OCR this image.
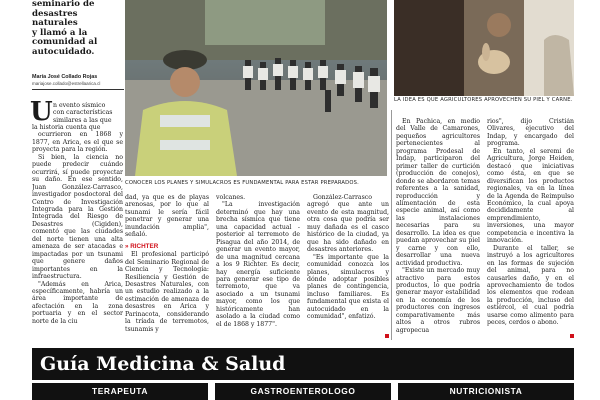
seminario de
desastres naturales
y llamó a la
comunidad al
autocuidado.
María José Collado Rojas
mariajose.collado@estrellaarica.cl
U n evento sísmico
con características
similares a las que

la historia cuenta que

ocurrieron en 1868 y 1877, en Arica, es el que se proyecta para la región.

Si bien, la ciencia no puede predecir cuándo ocurrirá, sí puede proyectar su daño. En ese sentido, Juan González-Carrasco, investigador posdoctoral del Centro de Investigación Integrada para la Gestión Integrada del Riesgo de Desastres (Cigiden), comentó que las ciudades del norte tienen una alta amenaza de ser atacadas e impactadas por un tsunami que genere daños importantes en la infraestructura.

"Además en Arica, específicamente, habría un área importante de afectación en la zona portuaria y en el sector norte de la ciu

CONOCER LOS PLANES Y SIMULACROS ES FUNDAMENTAL PARA ESTAR PREPARADOS.
LA IDEA ES QUE AGRICULTORES APROVECHEN SU PIEL Y CARNE.

dad, ya que es de playas arenosas, por lo que al tsunami le sería fácil penetrar y generar una inundación amplia", señaló.

» RICHTER

El profesional participó del Seminario Regional de Ciencia y Tecnología: Resiliencia y Gestión de Desastres Naturales, con un estudio realizado a la estimación de amenaza de desastres en Arica y Parinacota, considerando la tríada de terremotos, tsunamis y

volcanes.

"La investigación determinó que hay una brecha sísmica que tiene una capacidad actual -posterior al terremoto de Pisagua del año 2014, de generar un evento mayor, de una magnitud cercana a los 9 Richter. Es decir, hay energía suficiente para generar ese tipo de terremoto, que va asociado a un tsunami mayor, como los que históricamente han asolado a la ciudad como el de 1868 y 1877".

González-Carrasco agregó que ante un evento de esta magnitud, otra cosa que podría ser muy dañada es el casco histórico de la ciudad, ya que ha sido dañado en desastres anteriores.

"Es importante que la comunidad conozca los planes, simulacros y dónde adoptar posibles planes de contingencia, incluso familiares. Es fundamental que exista el autocuidado en la comunidad", enfatizó.

En Pachica, en medio del Valle de Camarones, pequeños agricultores pertenecientes al programa Prodesal de Indap, participaron del primer taller de curtición (producción de conejos), donde se abordaron temas referentes a la sanidad, reproducción y alimentación de esta especie animal, así como las instalaciones necesarias para su desarrollo. La idea es que puedan aprovechar su piel y carne y con ello, desarrollar una nueva actividad productiva.

"Existe un mercado muy atractivo para estos productos, lo que podría generar mayor estabilidad en la economía de los productores con ingresos comparativamente más altos a otros rubros agropecua

rios", dijo Cristián Olivares, ejecutivo del Indap, y encargado del programa.

En tanto, el seremi de Agricultura, Jorge Heiden, destacó que iniciativas como ésta, en que se diversifican los productos regionales, va en la línea de la Agenda de Reimpulso Económico, la cual apoya decididamente al emprendimiento, inversiones, una mayor competencia e incentiva la innovación.

Durante el taller, se instruyó a los agricultores en las formas de sujeción del animal, para no causarles daño, y en el aprovechamiento de todos los elementos que rodean la producción, incluso del estiércol, el cual podría usarse como alimento para peces, cerdos o abono.

Guía Medicina & Salud
TERAPEUTA	GASTROENTEROLOGO	NUTRICIONISTA
